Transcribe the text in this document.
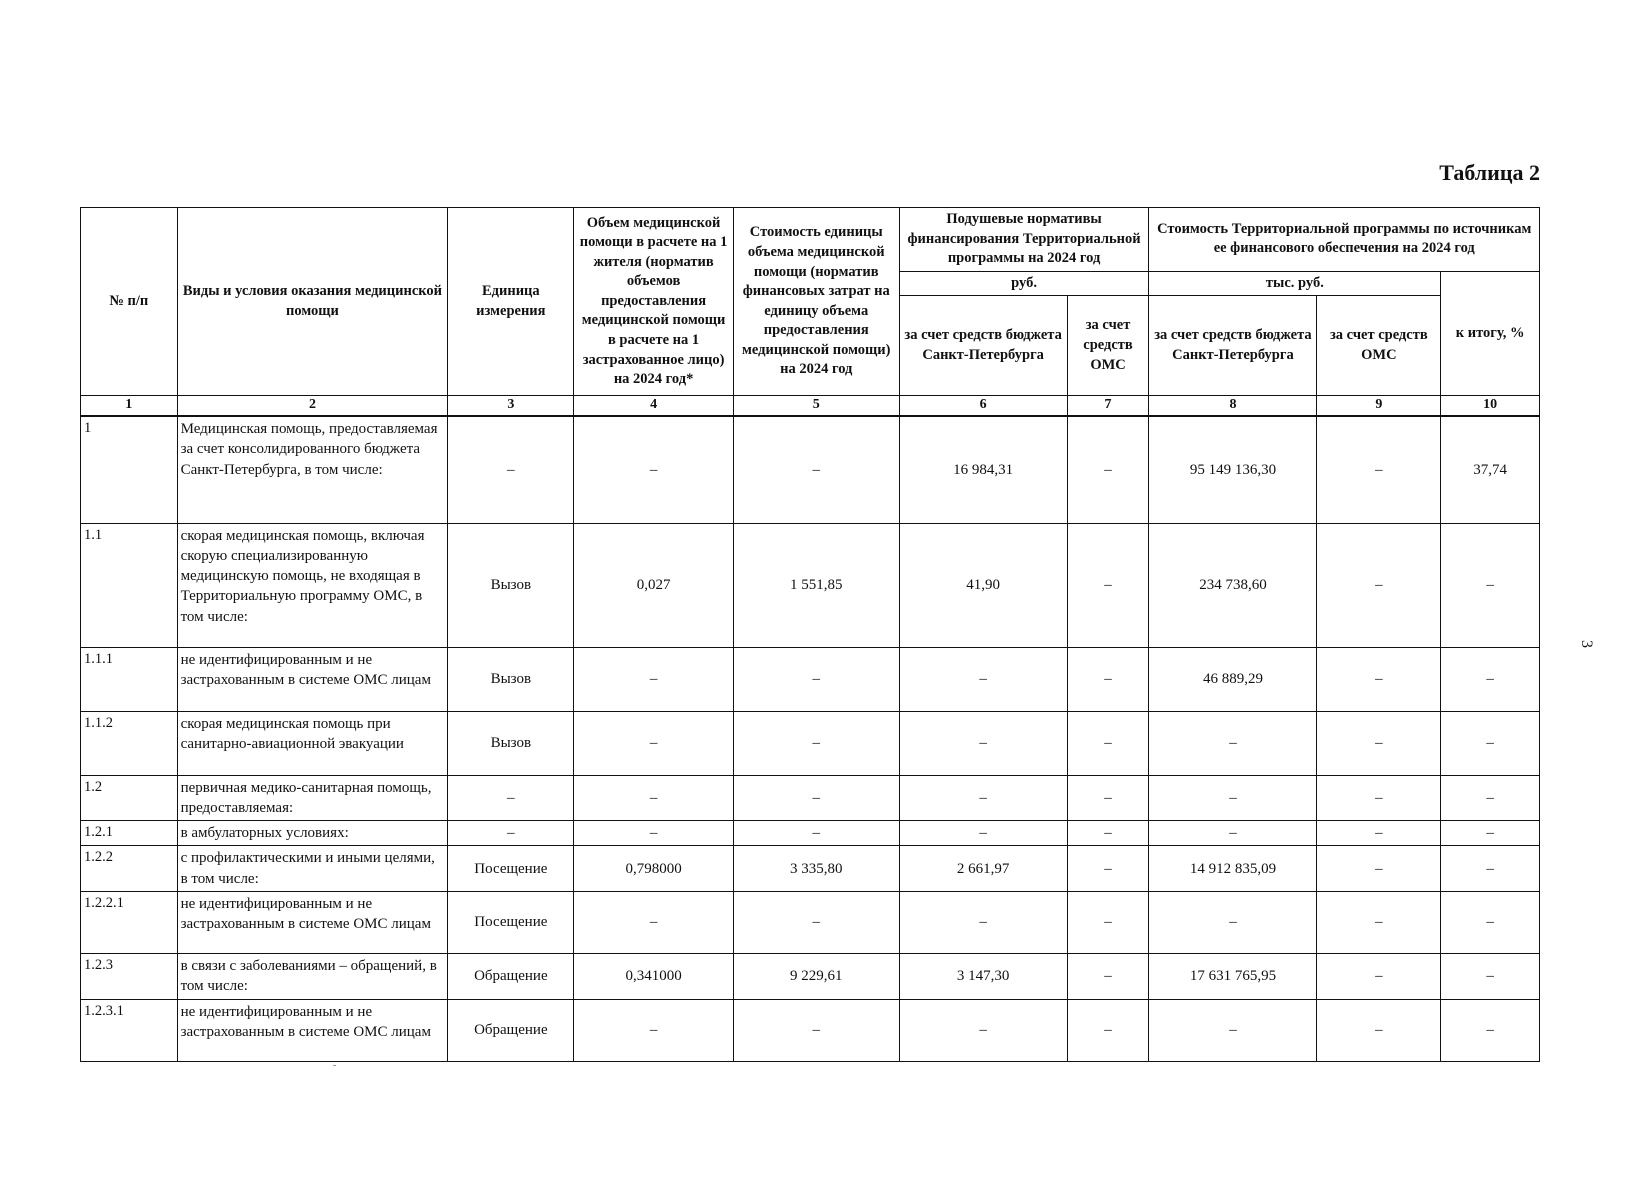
Таблица 2
3
№ п/п	Виды и условия оказания медицинской помощи	Единица измерения	Объем медицинской помощи в расчете на 1 жителя (норматив объемов предоставления медицинской помощи в расчете на 1 застрахованное лицо) на 2024 год*	Стоимость единицы объема медицинской помощи (норматив финансовых затрат на единицу объема предоставления медицинской помощи) на 2024 год	Подушевые нормативы финансирования Территориальной программы на 2024 год		Стоимость Территориальной программы по источникам ее финансового обеспечения на 2024 год		
					руб.		тыс. руб.		к итогу, %
					за счет средств бюджета Санкт-Петербурга	за счет средств ОМС	за счет средств бюджета Санкт-Петербурга	за счет средств ОМС	
1	2	3	4	5	6	7	8	9	10
1	Медицинская помощь, предоставляемая за счет консолидированного бюджета Санкт-Петербурга, в том числе:	–	–	–	16 984,31	–	95 149 136,30	–	37,74
1.1	скорая медицинская помощь, включая скорую специализированную медицинскую помощь, не входящая в Территориальную программу ОМС, в том числе:	Вызов	0,027	1 551,85	41,90	–	234 738,60	–	–
1.1.1	не идентифицированным и не застрахованным в системе ОМС лицам	Вызов	–	–	–	–	46 889,29	–	–
1.1.2	скорая медицинская помощь при санитарно-авиационной эвакуации	Вызов	–	–	–	–	–	–	–
1.2	первичная медико-санитарная помощь, предоставляемая:	–	–	–	–	–	–	–	–
1.2.1	в амбулаторных условиях:	–	–	–	–	–	–	–	–
1.2.2	с профилактическими и иными целями, в том числе:	Посещение	0,798000	3 335,80	2 661,97	–	14 912 835,09	–	–
1.2.2.1	не идентифицированным и не застрахованным в системе ОМС лицам	Посещение	–	–	–	–	–	–	–
1.2.3	в связи с заболеваниями – обращений, в том числе:	Обращение	0,341000	9 229,61	3 147,30	–	17 631 765,95	–	–
1.2.3.1	не идентифицированным и не застрахованным в системе ОМС лицам	Обращение	–	–	–	–	–	–	–
